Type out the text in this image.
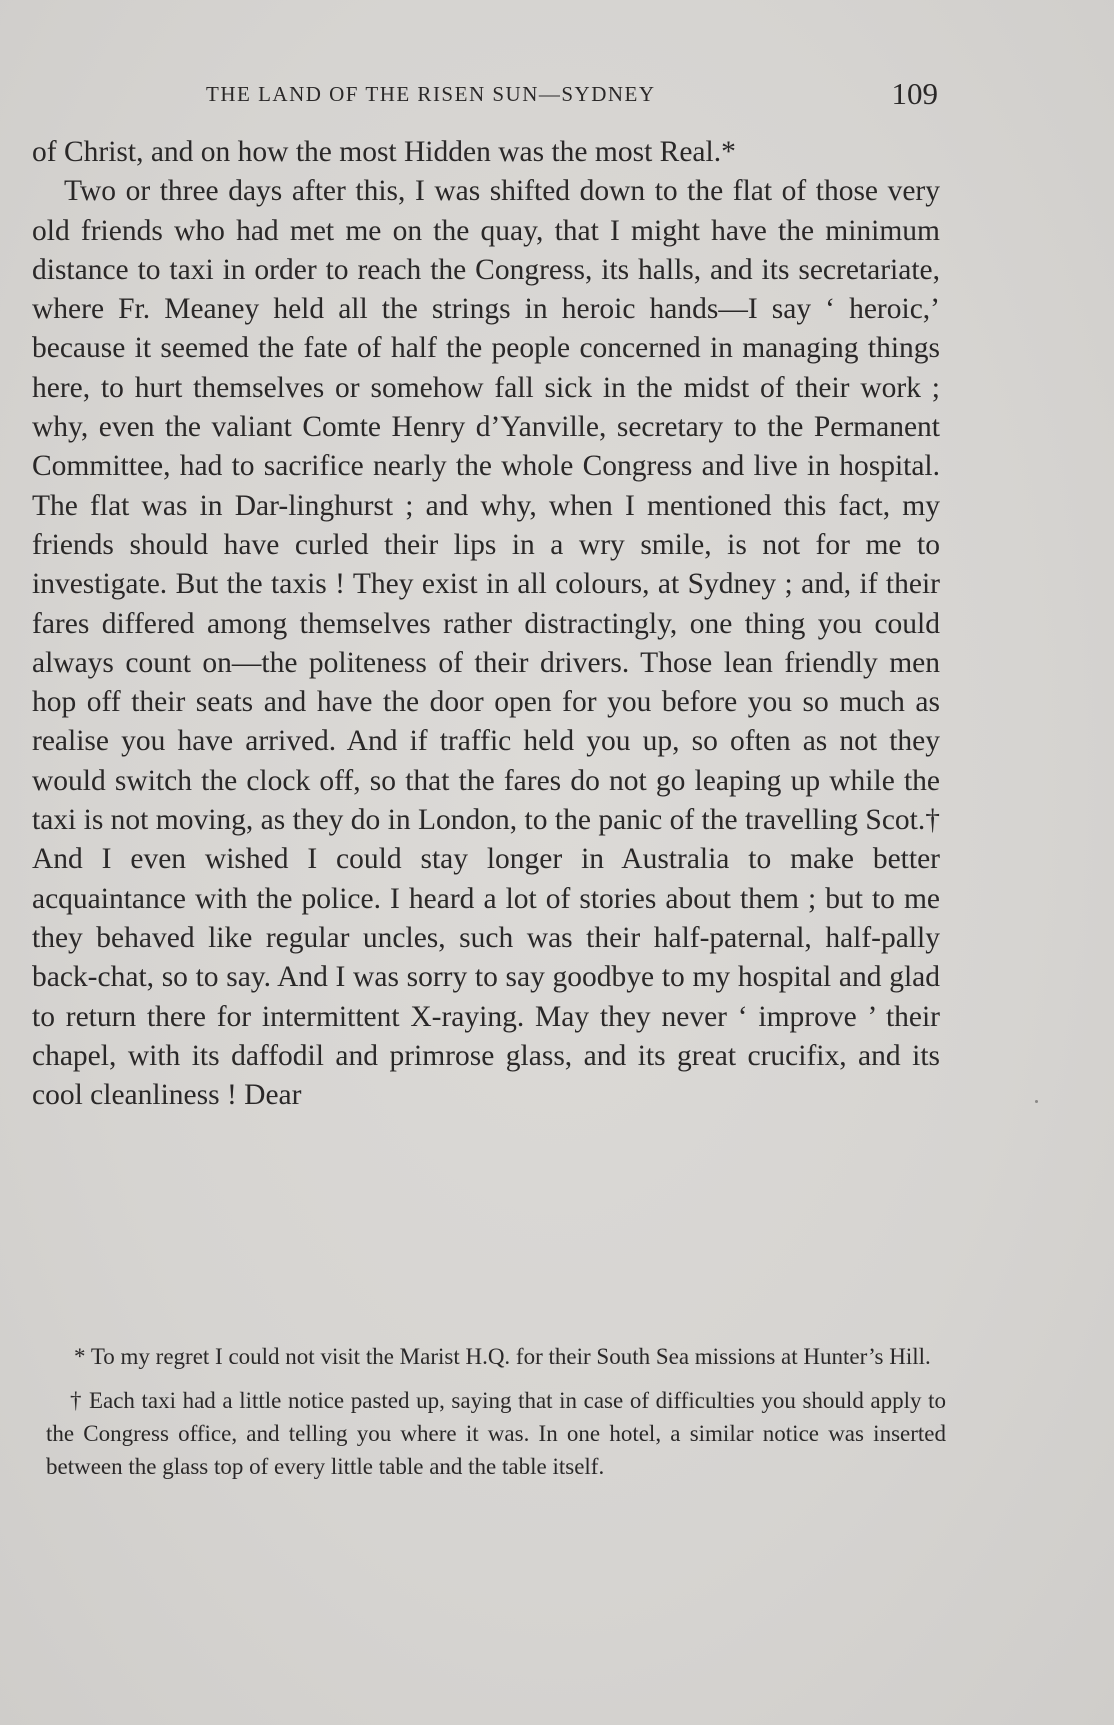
THE LAND OF THE RISEN SUN—SYDNEY	109

of Christ, and on how the most Hidden was the most Real.*

Two or three days after this, I was shifted down to the flat of those very old friends who had met me on the quay, that I might have the minimum distance to taxi in order to reach the Congress, its halls, and its secretariate, where Fr. Meaney held all the strings in heroic hands—I say ‘ heroic,’ because it seemed the fate of half the people concerned in managing things here, to hurt themselves or somehow fall sick in the midst of their work ; why, even the valiant Comte Henry d’Yanville, secretary to the Permanent Committee, had to sacrifice nearly the whole Congress and live in hospital. The flat was in Dar-linghurst ; and why, when I mentioned this fact, my friends should have curled their lips in a wry smile, is not for me to investigate. But the taxis ! They exist in all colours, at Sydney ; and, if their fares differed among themselves rather distractingly, one thing you could always count on—the politeness of their drivers. Those lean friendly men hop off their seats and have the door open for you before you so much as realise you have arrived. And if traffic held you up, so often as not they would switch the clock off, so that the fares do not go leaping up while the taxi is not moving, as they do in London, to the panic of the travelling Scot.† And I even wished I could stay longer in Australia to make better acquaintance with the police. I heard a lot of stories about them ; but to me they behaved like regular uncles, such was their half-paternal, half-pally back-chat, so to say. And I was sorry to say goodbye to my hospital and glad to return there for intermittent X-raying. May they never ‘ improve ’ their chapel, with its daffodil and primrose glass, and its great crucifix, and its cool cleanliness ! Dear

* To my regret I could not visit the Marist H.Q. for their South Sea missions at Hunter’s Hill.

† Each taxi had a little notice pasted up, saying that in case of difficulties you should apply to the Congress office, and telling you where it was. In one hotel, a similar notice was inserted between the glass top of every little table and the table itself.
